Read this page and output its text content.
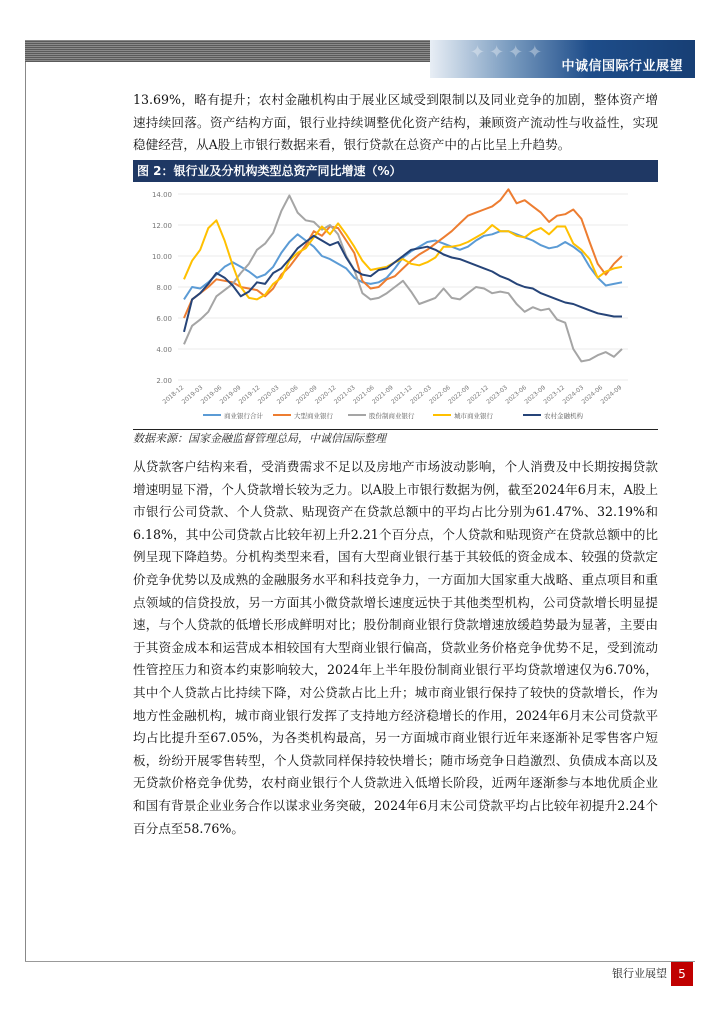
✦✦✦✦
中诚信国际行业展望
13.69%，略有提升；农村金融机构由于展业区域受到限制以及同业竞争的加剧，整体资产增速持续回落。资产结构方面，银行业持续调整优化资产结构，兼顾资产流动性与收益性，实现稳健经营，从A股上市银行数据来看，银行贷款在总资产中的占比呈上升趋势。
图 2：银行业及分机构类型总资产同比增速（%）
2.00
4.00
6.00
8.00
10.00
12.00
14.00
2018-12
2019-03
2019-06
2019-09
2019-12
2020-03
2020-06
2020-09
2020-12
2021-03
2021-06
2021-09
2021-12
2022-03
2022-06
2022-09
2022-12
2023-03
2023-06
2023-09
2023-12
2024-03
2024-06
2024-09
商业银行合计	大型商业银行	股份制商业银行	城市商业银行	农村金融机构
数据来源：国家金融监督管理总局，中诚信国际整理
从贷款客户结构来看，受消费需求不足以及房地产市场波动影响，个人消费及中长期按揭贷款增速明显下滑，个人贷款增长较为乏力。以A股上市银行数据为例，截至2024年6月末，A股上市银行公司贷款、个人贷款、贴现资产在贷款总额中的平均占比分别为61.47%、32.19%和6.18%，其中公司贷款占比较年初上升2.21个百分点，个人贷款和贴现资产在贷款总额中的比例呈现下降趋势。分机构类型来看，国有大型商业银行基于其较低的资金成本、较强的贷款定价竞争优势以及成熟的金融服务水平和科技竞争力，一方面加大国家重大战略、重点项目和重点领域的信贷投放，另一方面其小微贷款增长速度远快于其他类型机构，公司贷款增长明显提速，与个人贷款的低增长形成鲜明对比；股份制商业银行贷款增速放缓趋势最为显著，主要由于其资金成本和运营成本相较国有大型商业银行偏高，贷款业务价格竞争优势不足，受到流动性管控压力和资本约束影响较大，2024年上半年股份制商业银行平均贷款增速仅为6.70%，其中个人贷款占比持续下降，对公贷款占比上升；城市商业银行保持了较快的贷款增长，作为地方性金融机构，城市商业银行发挥了支持地方经济稳增长的作用，2024年6月末公司贷款平均占比提升至67.05%，为各类机构最高，另一方面城市商业银行近年来逐渐补足零售客户短板，纷纷开展零售转型，个人贷款同样保持较快增长；随市场竞争日趋激烈、负债成本高以及无贷款价格竞争优势，农村商业银行个人贷款进入低增长阶段，近两年逐渐参与本地优质企业和国有背景企业业务合作以谋求业务突破，2024年6月末公司贷款平均占比较年初提升2.24个百分点至58.76%。
银行业展望 5
